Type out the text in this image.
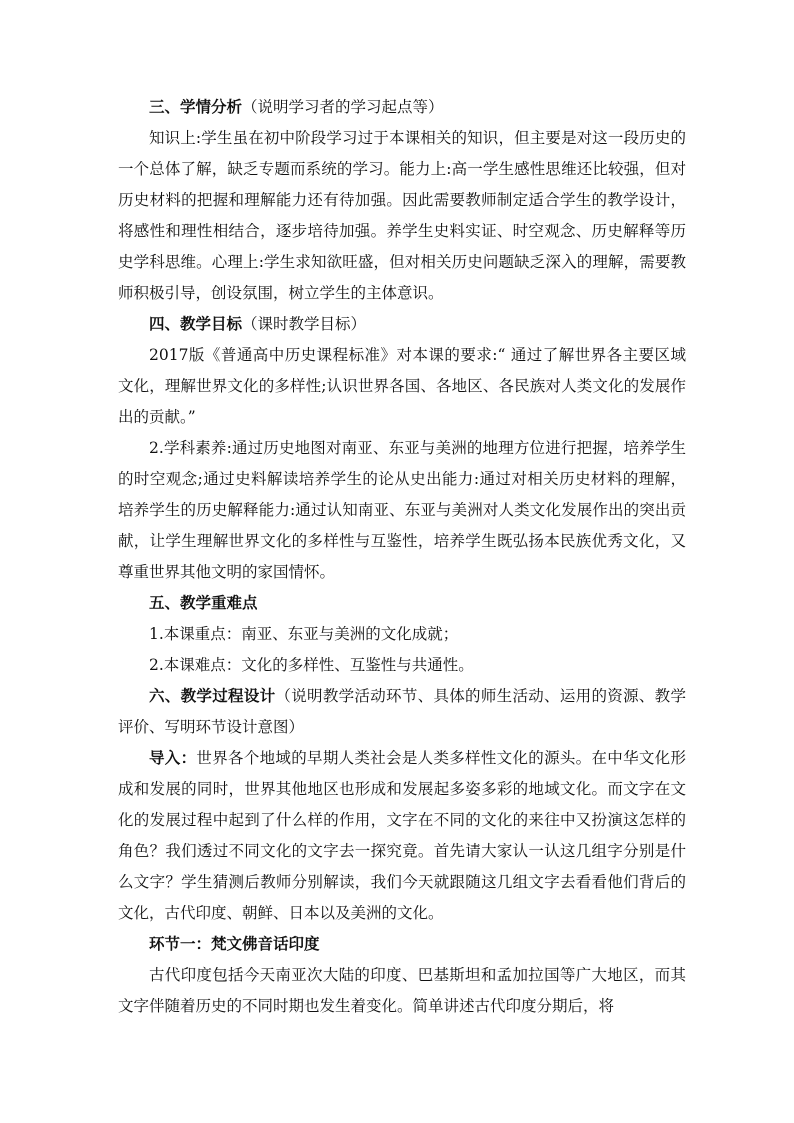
三、学情分析（说明学习者的学习起点等）

知识上:学生虽在初中阶段学习过于本课相关的知识，但主要是对这一段历史的一个总体了解，缺乏专题而系统的学习。能力上:高一学生感性思维还比较强，但对历史材料的把握和理解能力还有待加强。因此需要教师制定适合学生的教学设计，将感性和理性相结合，逐步培待加强。养学生史料实证、时空观念、历史解释等历史学科思维。心理上:学生求知欲旺盛，但对相关历史问题缺乏深入的理解，需要教师积极引导，创设氛围，树立学生的主体意识。

四、教学目标（课时教学目标）

2017版《普通高中历史课程标准》对本课的要求:“ 通过了解世界各主要区域文化，理解世界文化的多样性;认识世界各国、各地区、各民族对人类文化的发展作出的贡献。”

2.学科素养:通过历史地图对南亚、东亚与美洲的地理方位进行把握，培养学生的时空观念;通过史料解读培养学生的论从史出能力:通过对相关历史材料的理解，培养学生的历史解释能力:通过认知南亚、东亚与美洲对人类文化发展作出的突出贡献，让学生理解世界文化的多样性与互鉴性，培养学生既弘扬本民族优秀文化，又尊重世界其他文明的家国情怀。

五、教学重难点

1.本课重点：南亚、东亚与美洲的文化成就；

2.本课难点：文化的多样性、互鉴性与共通性。

六、教学过程设计（说明教学活动环节、具体的师生活动、运用的资源、教学评价、写明环节设计意图）

导入：世界各个地域的早期人类社会是人类多样性文化的源头。在中华文化形成和发展的同时，世界其他地区也形成和发展起多姿多彩的地域文化。而文字在文化的发展过程中起到了什么样的作用，文字在不同的文化的来往中又扮演这怎样的角色？我们透过不同文化的文字去一探究竟。首先请大家认一认这几组字分别是什么文字？学生猜测后教师分别解读，我们今天就跟随这几组文字去看看他们背后的文化，古代印度、朝鲜、日本以及美洲的文化。

环节一：梵文佛音话印度

古代印度包括今天南亚次大陆的印度、巴基斯坦和孟加拉国等广大地区，而其文字伴随着历史的不同时期也发生着变化。简单讲述古代印度分期后，将
